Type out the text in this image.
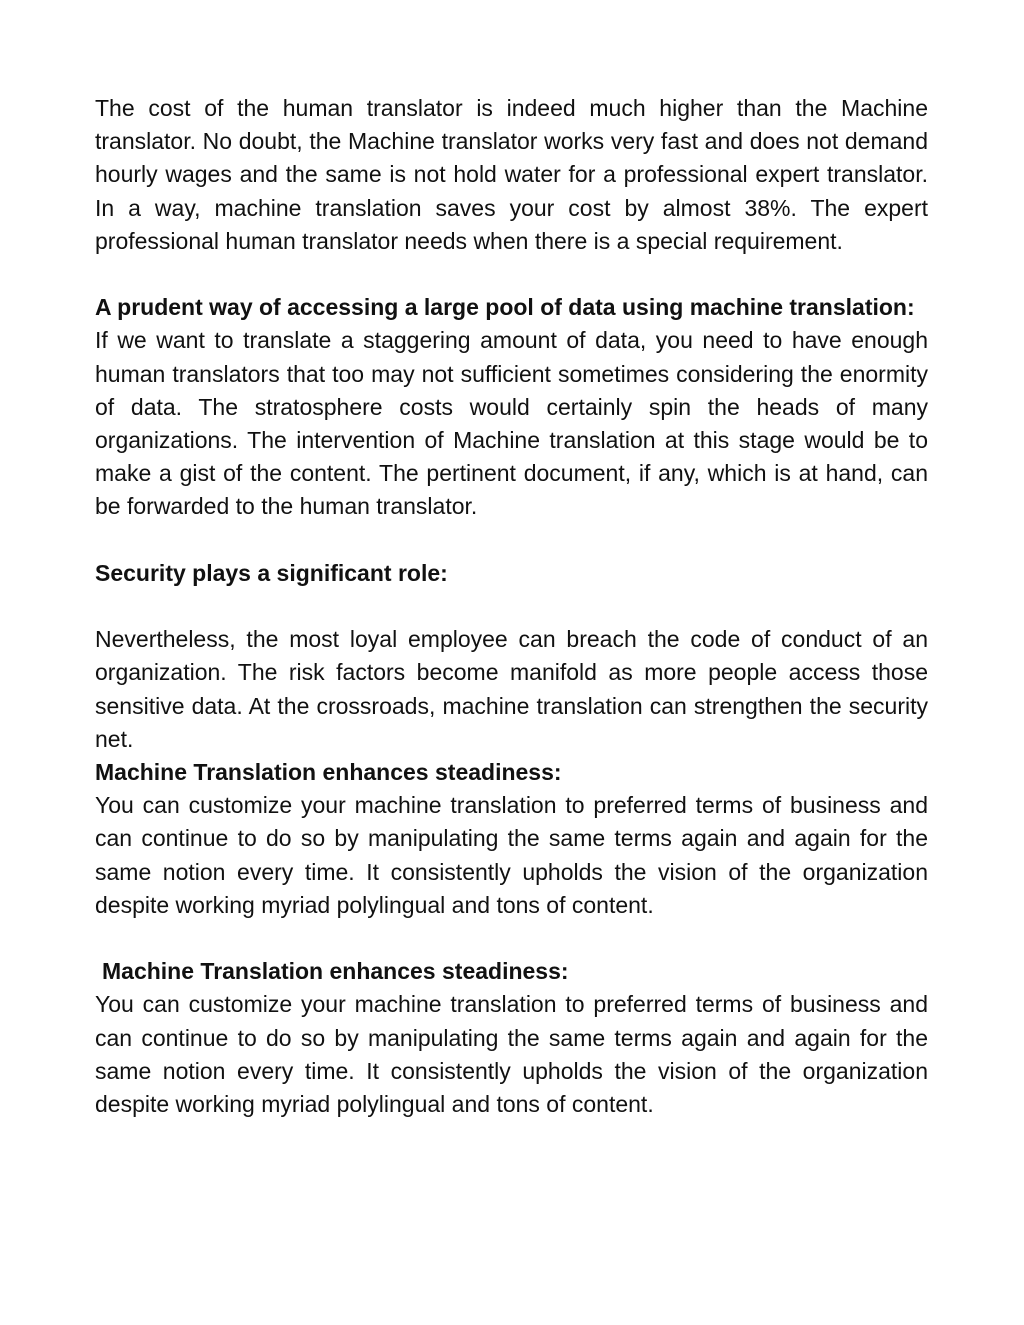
The cost of the human translator is indeed much higher than the Machine translator. No doubt, the Machine translator works very fast and does not demand hourly wages and the same is not hold water for a professional expert translator. In a way, machine translation saves your cost by almost 38%. The expert professional human translator needs when there is a special requirement.

A prudent way of accessing a large pool of data using machine translation:

If we want to translate a staggering amount of data, you need to have enough human translators that too may not sufficient sometimes considering the enormity of data. The stratosphere costs would certainly spin the heads of many organizations. The intervention of Machine translation at this stage would be to make a gist of the content. The pertinent document, if any, which is at hand, can be forwarded to the human translator.

Security plays a significant role:

Nevertheless, the most loyal employee can breach the code of conduct of an organization. The risk factors become manifold as more people access those sensitive data. At the crossroads, machine translation can strengthen the security net.

Machine Translation enhances steadiness:

You can customize your machine translation to preferred terms of business and can continue to do so by manipulating the same terms again and again for the same notion every time. It consistently upholds the vision of the organization despite working myriad polylingual and tons of content.

Machine Translation enhances steadiness:

You can customize your machine translation to preferred terms of business and can continue to do so by manipulating the same terms again and again for the same notion every time. It consistently upholds the vision of the organization despite working myriad polylingual and tons of content.
